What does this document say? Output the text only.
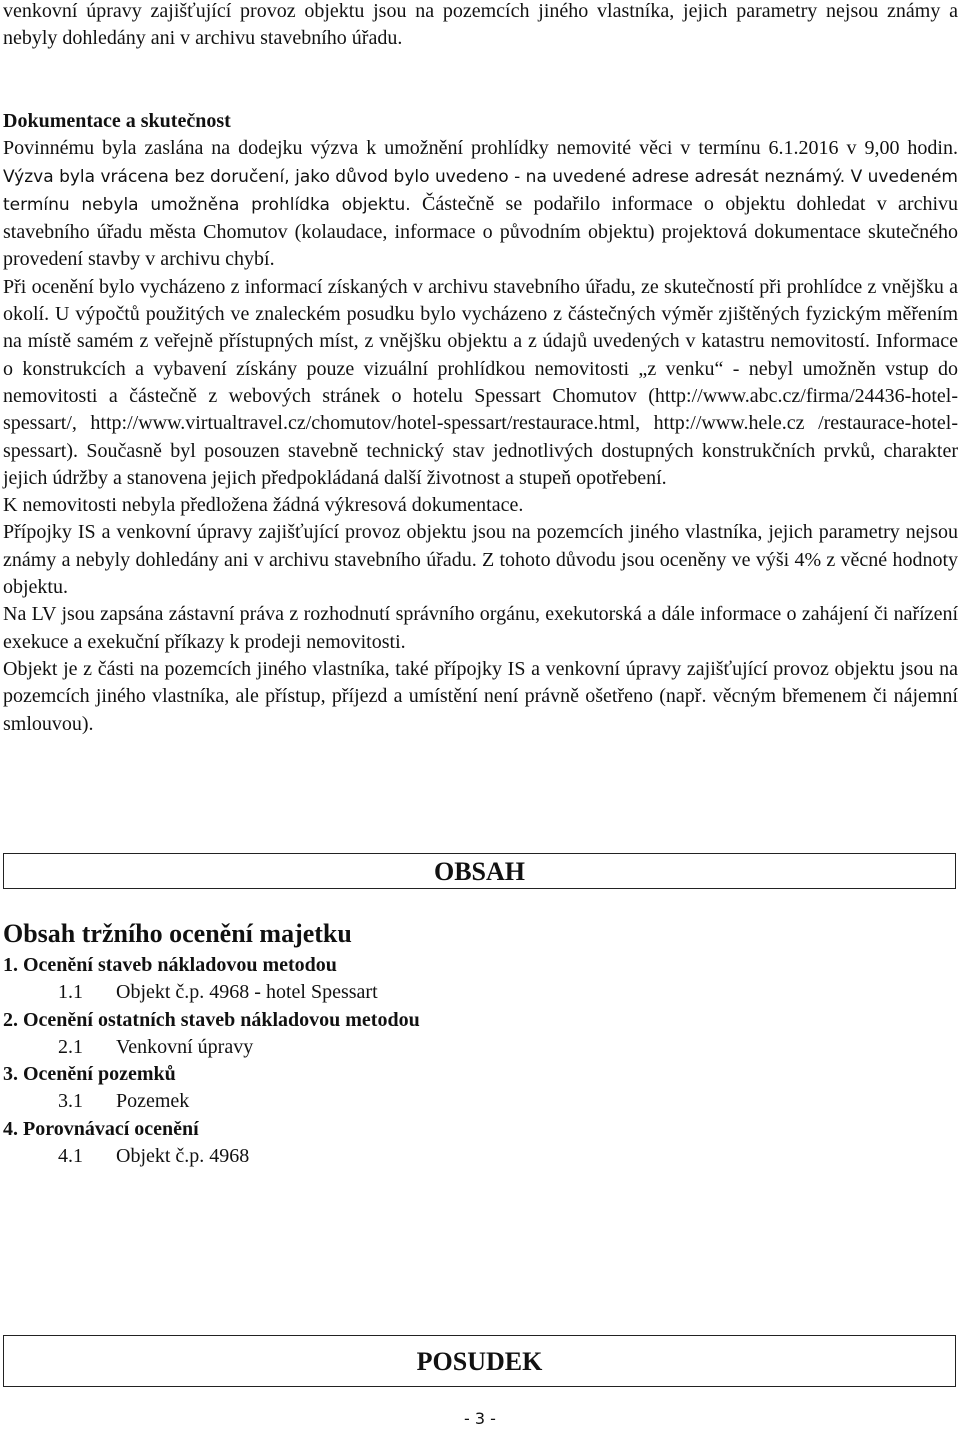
venkovní úpravy zajišťující provoz objektu jsou na pozemcích jiného vlastníka, jejich parametry nejsou známy a nebyly dohledány ani v archivu stavebního úřadu.

Dokumentace a skutečnost

Povinnému byla zaslána na dodejku výzva k umožnění prohlídky nemovité věci v termínu 6.1.2016 v 9,00 hodin. Výzva byla vrácena bez doručení, jako důvod bylo uvedeno - na uvedené adrese adresát neznámý. V uvedeném termínu nebyla umožněna prohlídka objektu. Částečně se podařilo informace o objektu dohledat v archivu stavebního úřadu města Chomutov (kolaudace, informace o původním objektu) projektová dokumentace skutečného provedení stavby v archivu chybí.

Při ocenění bylo vycházeno z informací získaných v archivu stavebního úřadu, ze skutečností při prohlídce z vnějšku a okolí. U výpočtů použitých ve znaleckém posudku bylo vycházeno z částečných výměr zjištěných fyzickým měřením na místě samém z veřejně přístupných míst, z vnějšku objektu a z údajů uvedených v katastru nemovitostí. Informace o konstrukcích a vybavení získány pouze vizuální prohlídkou nemovitosti „z venku“ - nebyl umožněn vstup do nemovitosti a částečně z webových stránek o hotelu Spessart Chomutov (http://www.abc.cz/firma/24436-hotel-spessart/, http://www.virtualtravel.cz/chomutov/hotel-spessart/restaurace.html, http://www.hele.cz /restaurace-hotel-spessart). Současně byl posouzen stavebně technický stav jednotlivých dostupných konstrukčních prvků, charakter jejich údržby a stanovena jejich předpokládaná další životnost a stupeň opotřebení.

K nemovitosti nebyla předložena žádná výkresová dokumentace.

Přípojky IS a venkovní úpravy zajišťující provoz objektu jsou na pozemcích jiného vlastníka, jejich parametry nejsou známy a nebyly dohledány ani v archivu stavebního úřadu. Z tohoto důvodu jsou oceněny ve výši 4% z věcné hodnoty objektu.

Na LV jsou zapsána zástavní práva z rozhodnutí správního orgánu, exekutorská a dále informace o zahájení či nařízení exekuce a exekuční příkazy k prodeji nemovitosti.

Objekt je z části na pozemcích jiného vlastníka, také přípojky IS a venkovní úpravy zajišťující provoz objektu jsou na pozemcích jiného vlastníka, ale přístup, příjezd a umístění není právně ošetřeno (např. věcným břemenem či nájemní smlouvou).

OBSAH
Obsah tržního ocenění majetku
1. Ocenění staveb nákladovou metodou
1.1 Objekt č.p. 4968 - hotel Spessart
2. Ocenění ostatních staveb nákladovou metodou
2.1 Venkovní úpravy
3. Ocenění pozemků
3.1 Pozemek
4. Porovnávací ocenění
4.1 Objekt č.p. 4968
POSUDEK
- 3 -
